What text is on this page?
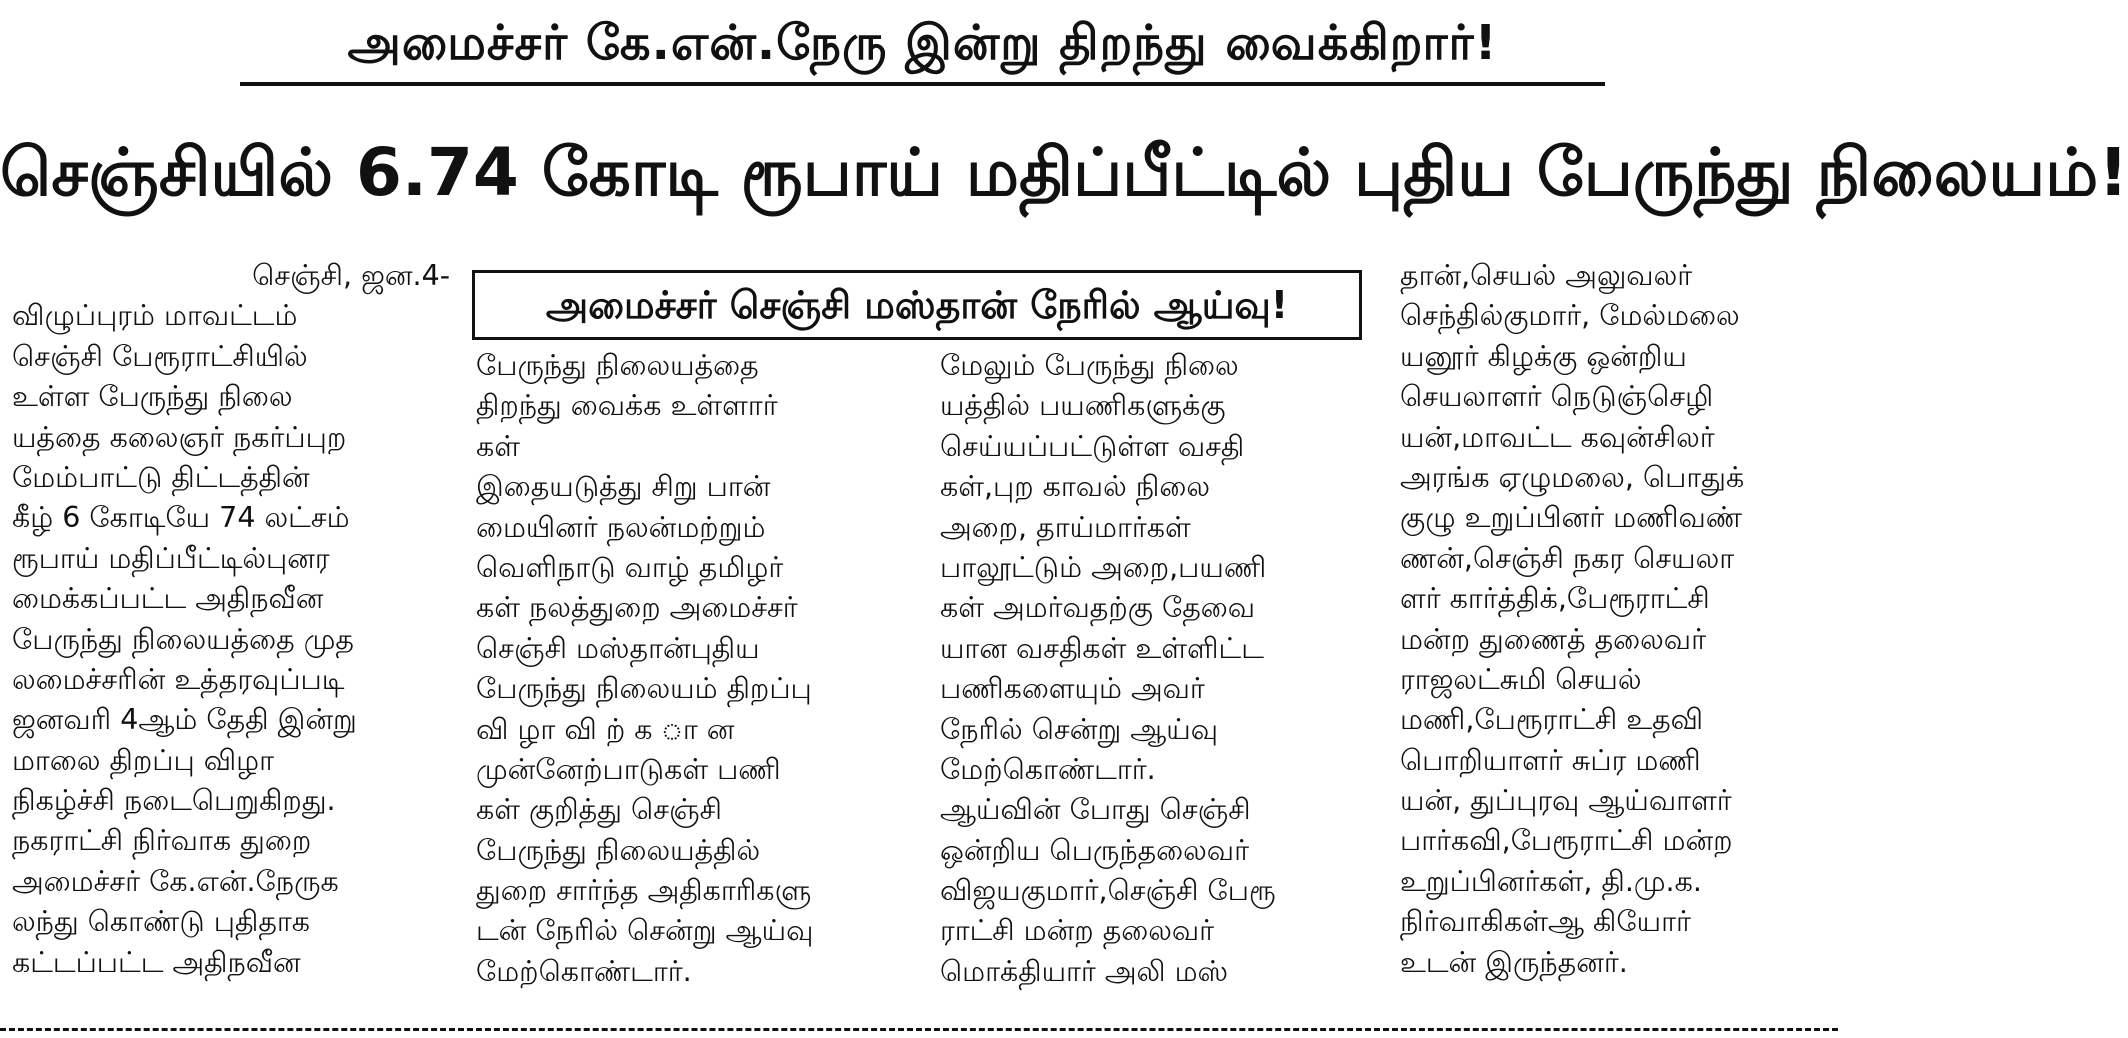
அமைச்சர் கே.என்.நேரு இன்று திறந்து வைக்கிறார்!
செஞ்சியில் 6.74 கோடி ரூபாய் மதிப்பீட்டில் புதிய பேருந்து நிலையம்!
அமைச்சர் செஞ்சி மஸ்தான் நேரில் ஆய்வு!
செஞ்சி, ஜன.4-
விழுப்புரம் மாவட்டம்
செஞ்சி பேரூராட்சியில்
உள்ள பேருந்து நிலை
யத்தை கலைஞர் நகர்ப்புற
மேம்பாட்டு திட்டத்தின்
கீழ் 6 கோடியே 74 லட்சம்
ரூபாய் மதிப்பீட்டில்புனர
மைக்கப்பட்ட அதிநவீன
பேருந்து நிலையத்தை முத
லமைச்சரின் உத்தரவுப்படி
ஜனவரி 4ஆம் தேதி இன்று
மாலை திறப்பு விழா
நிகழ்ச்சி நடைபெறுகிறது.
நகராட்சி நிர்வாக துறை
அமைச்சர் கே.என்.நேருக
லந்து கொண்டு புதிதாக
கட்டப்பட்ட அதிநவீன
பேருந்து நிலையத்தை
திறந்து வைக்க உள்ளார்
கள்
இதையடுத்து சிறு பான்
மையினர் நலன்மற்றும்
வெளிநாடு வாழ் தமிழர்
கள் நலத்துறை அமைச்சர்
செஞ்சி மஸ்தான்புதிய
பேருந்து நிலையம் திறப்பு
வி ழா வி ற் க ா ன
முன்னேற்பாடுகள் பணி
கள் குறித்து செஞ்சி
பேருந்து நிலையத்தில்
துறை சார்ந்த அதிகாரிகளு
டன் நேரில் சென்று ஆய்வு
மேற்கொண்டார்.
மேலும் பேருந்து நிலை
யத்தில் பயணிகளுக்கு
செய்யப்பட்டுள்ள வசதி
கள்,புற காவல் நிலை
அறை, தாய்மார்கள்
பாலூட்டும் அறை,பயணி
கள் அமர்வதற்கு தேவை
யான வசதிகள் உள்ளிட்ட
பணிகளையும் அவர்
நேரில் சென்று ஆய்வு
மேற்கொண்டார்.
ஆய்வின் போது செஞ்சி
ஒன்றிய பெருந்தலைவர்
விஜயகுமார்,செஞ்சி பேரூ
ராட்சி மன்ற தலைவர்
மொக்தியார் அலி மஸ்
தான்,செயல் அலுவலர்
செந்தில்குமார், மேல்மலை
யனூர் கிழக்கு ஒன்றிய
செயலாளர் நெடுஞ்செழி
யன்,மாவட்ட கவுன்சிலர்
அரங்க ஏழுமலை, பொதுக்
குழு உறுப்பினர் மணிவண்
ணன்,செஞ்சி நகர செயலா
ளர் கார்த்திக்,பேரூராட்சி
மன்ற துணைத் தலைவர்
ராஜலட்சுமி செயல்
மணி,பேரூராட்சி உதவி
பொறியாளர் சுப்ர மணி
யன், துப்புரவு ஆய்வாளர்
பார்கவி,பேரூராட்சி மன்ற
உறுப்பினர்கள், தி.மு.க.
நிர்வாகிகள்ஆ கியோர்
உடன் இருந்தனர்.
